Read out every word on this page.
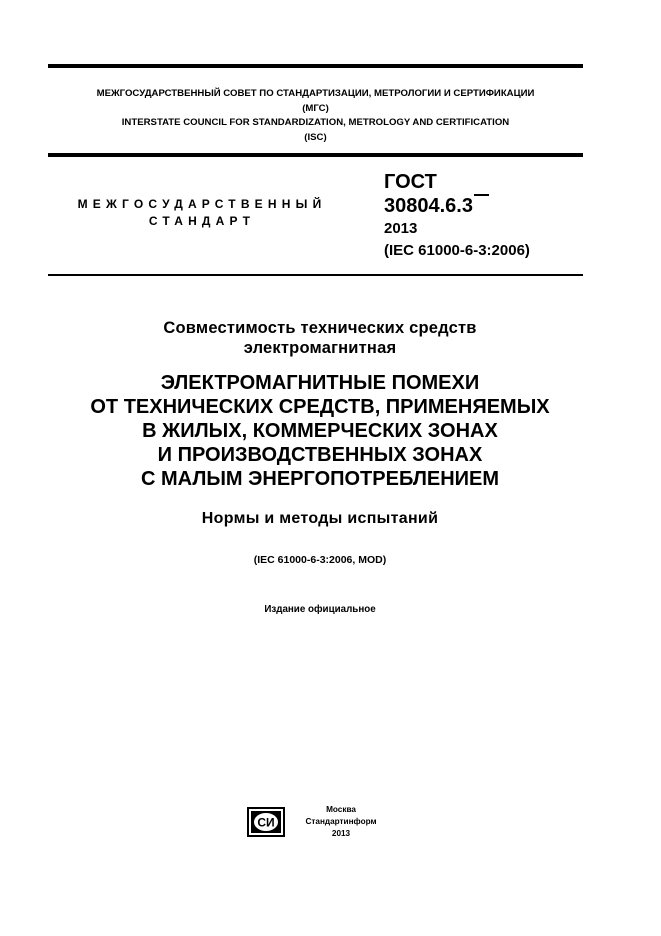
МЕЖГОСУДАРСТВЕННЫЙ СОВЕТ ПО СТАНДАРТИЗАЦИИ, МЕТРОЛОГИИ И СЕРТИФИКАЦИИ
(МГС)
INTERSTATE COUNCIL FOR STANDARDIZATION, METROLOGY AND CERTIFICATION
(ISC)
МЕЖГОСУДАРСТВЕННЫЙ
СТАНДАРТ
ГОСТ
30804.6.3
2013
(IEC 61000-6-3:2006)
Совместимость технических средств
электромагнитная
ЭЛЕКТРОМАГНИТНЫЕ ПОМЕХИ
ОТ ТЕХНИЧЕСКИХ СРЕДСТВ, ПРИМЕНЯЕМЫХ
В ЖИЛЫХ, КОММЕРЧЕСКИХ ЗОНАХ
И ПРОИЗВОДСТВЕННЫХ ЗОНАХ
С МАЛЫМ ЭНЕРГОПОТРЕБЛЕНИЕМ
Нормы и методы испытаний
(IEC 61000-6-3:2006, MOD)
Издание официальное
СИ
Москва
Стандартинформ
2013
